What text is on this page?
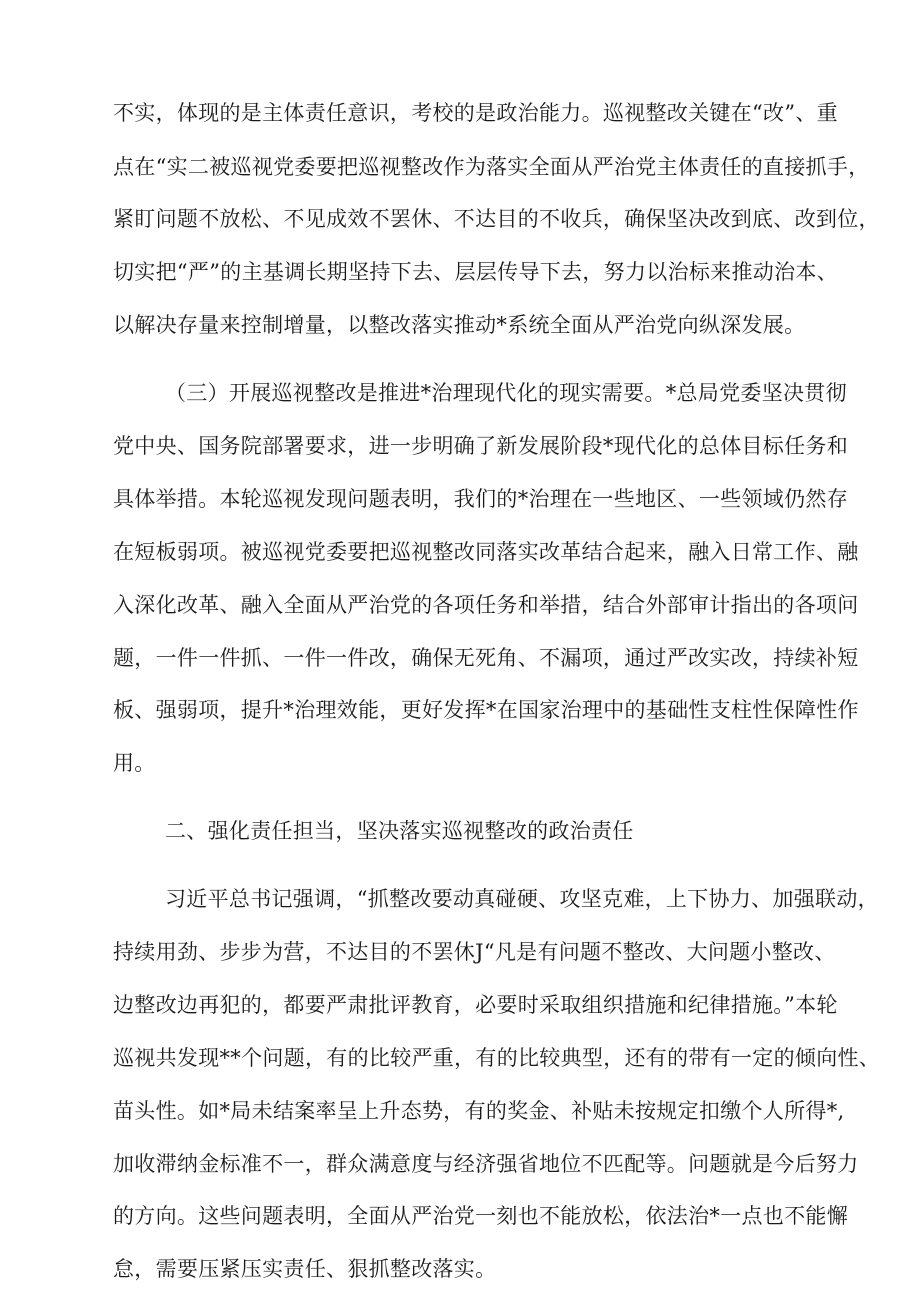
不实，体现的是主体责任意识，考校的是政治能力。巡视整改关键在“改”、重

点在“实二被巡视党委要把巡视整改作为落实全面从严治党主体责任的直接抓手，

紧盯问题不放松、不见成效不罢休、不达目的不收兵，确保坚决改到底、改到位，

切实把“严”的主基调长期坚持下去、层层传导下去，努力以治标来推动治本、

以解决存量来控制增量，以整改落实推动*系统全面从严治党向纵深发展。

（三）开展巡视整改是推进*治理现代化的现实需要。*总局党委坚决贯彻

党中央、国务院部署要求，进一步明确了新发展阶段*现代化的总体目标任务和

具体举措。本轮巡视发现问题表明，我们的*治理在一些地区、一些领域仍然存

在短板弱项。被巡视党委要把巡视整改同落实改革结合起来，融入日常工作、融

入深化改革、融入全面从严治党的各项任务和举措，结合外部审计指出的各项问

题，一件一件抓、一件一件改，确保无死角、不漏项，通过严改实改，持续补短

板、强弱项，提升*治理效能，更好发挥*在国家治理中的基础性支柱性保障性作

用。

二、强化责任担当，坚决落实巡视整改的政治责任

习近平总书记强调，“抓整改要动真碰硬、攻坚克难，上下协力、加强联动，

持续用劲、步步为营，不达目的不罢休J“凡是有问题不整改、大问题小整改、

边整改边再犯的，都要严肃批评教育，必要时采取组织措施和纪律措施。”本轮

巡视共发现**个问题，有的比较严重，有的比较典型，还有的带有一定的倾向性、

苗头性。如*局未结案率呈上升态势，有的奖金、补贴未按规定扣缴个人所得*,

加收滞纳金标准不一，群众满意度与经济强省地位不匹配等。问题就是今后努力

的方向。这些问题表明，全面从严治党一刻也不能放松，依法治*一点也不能懈

怠，需要压紧压实责任、狠抓整改落实。
